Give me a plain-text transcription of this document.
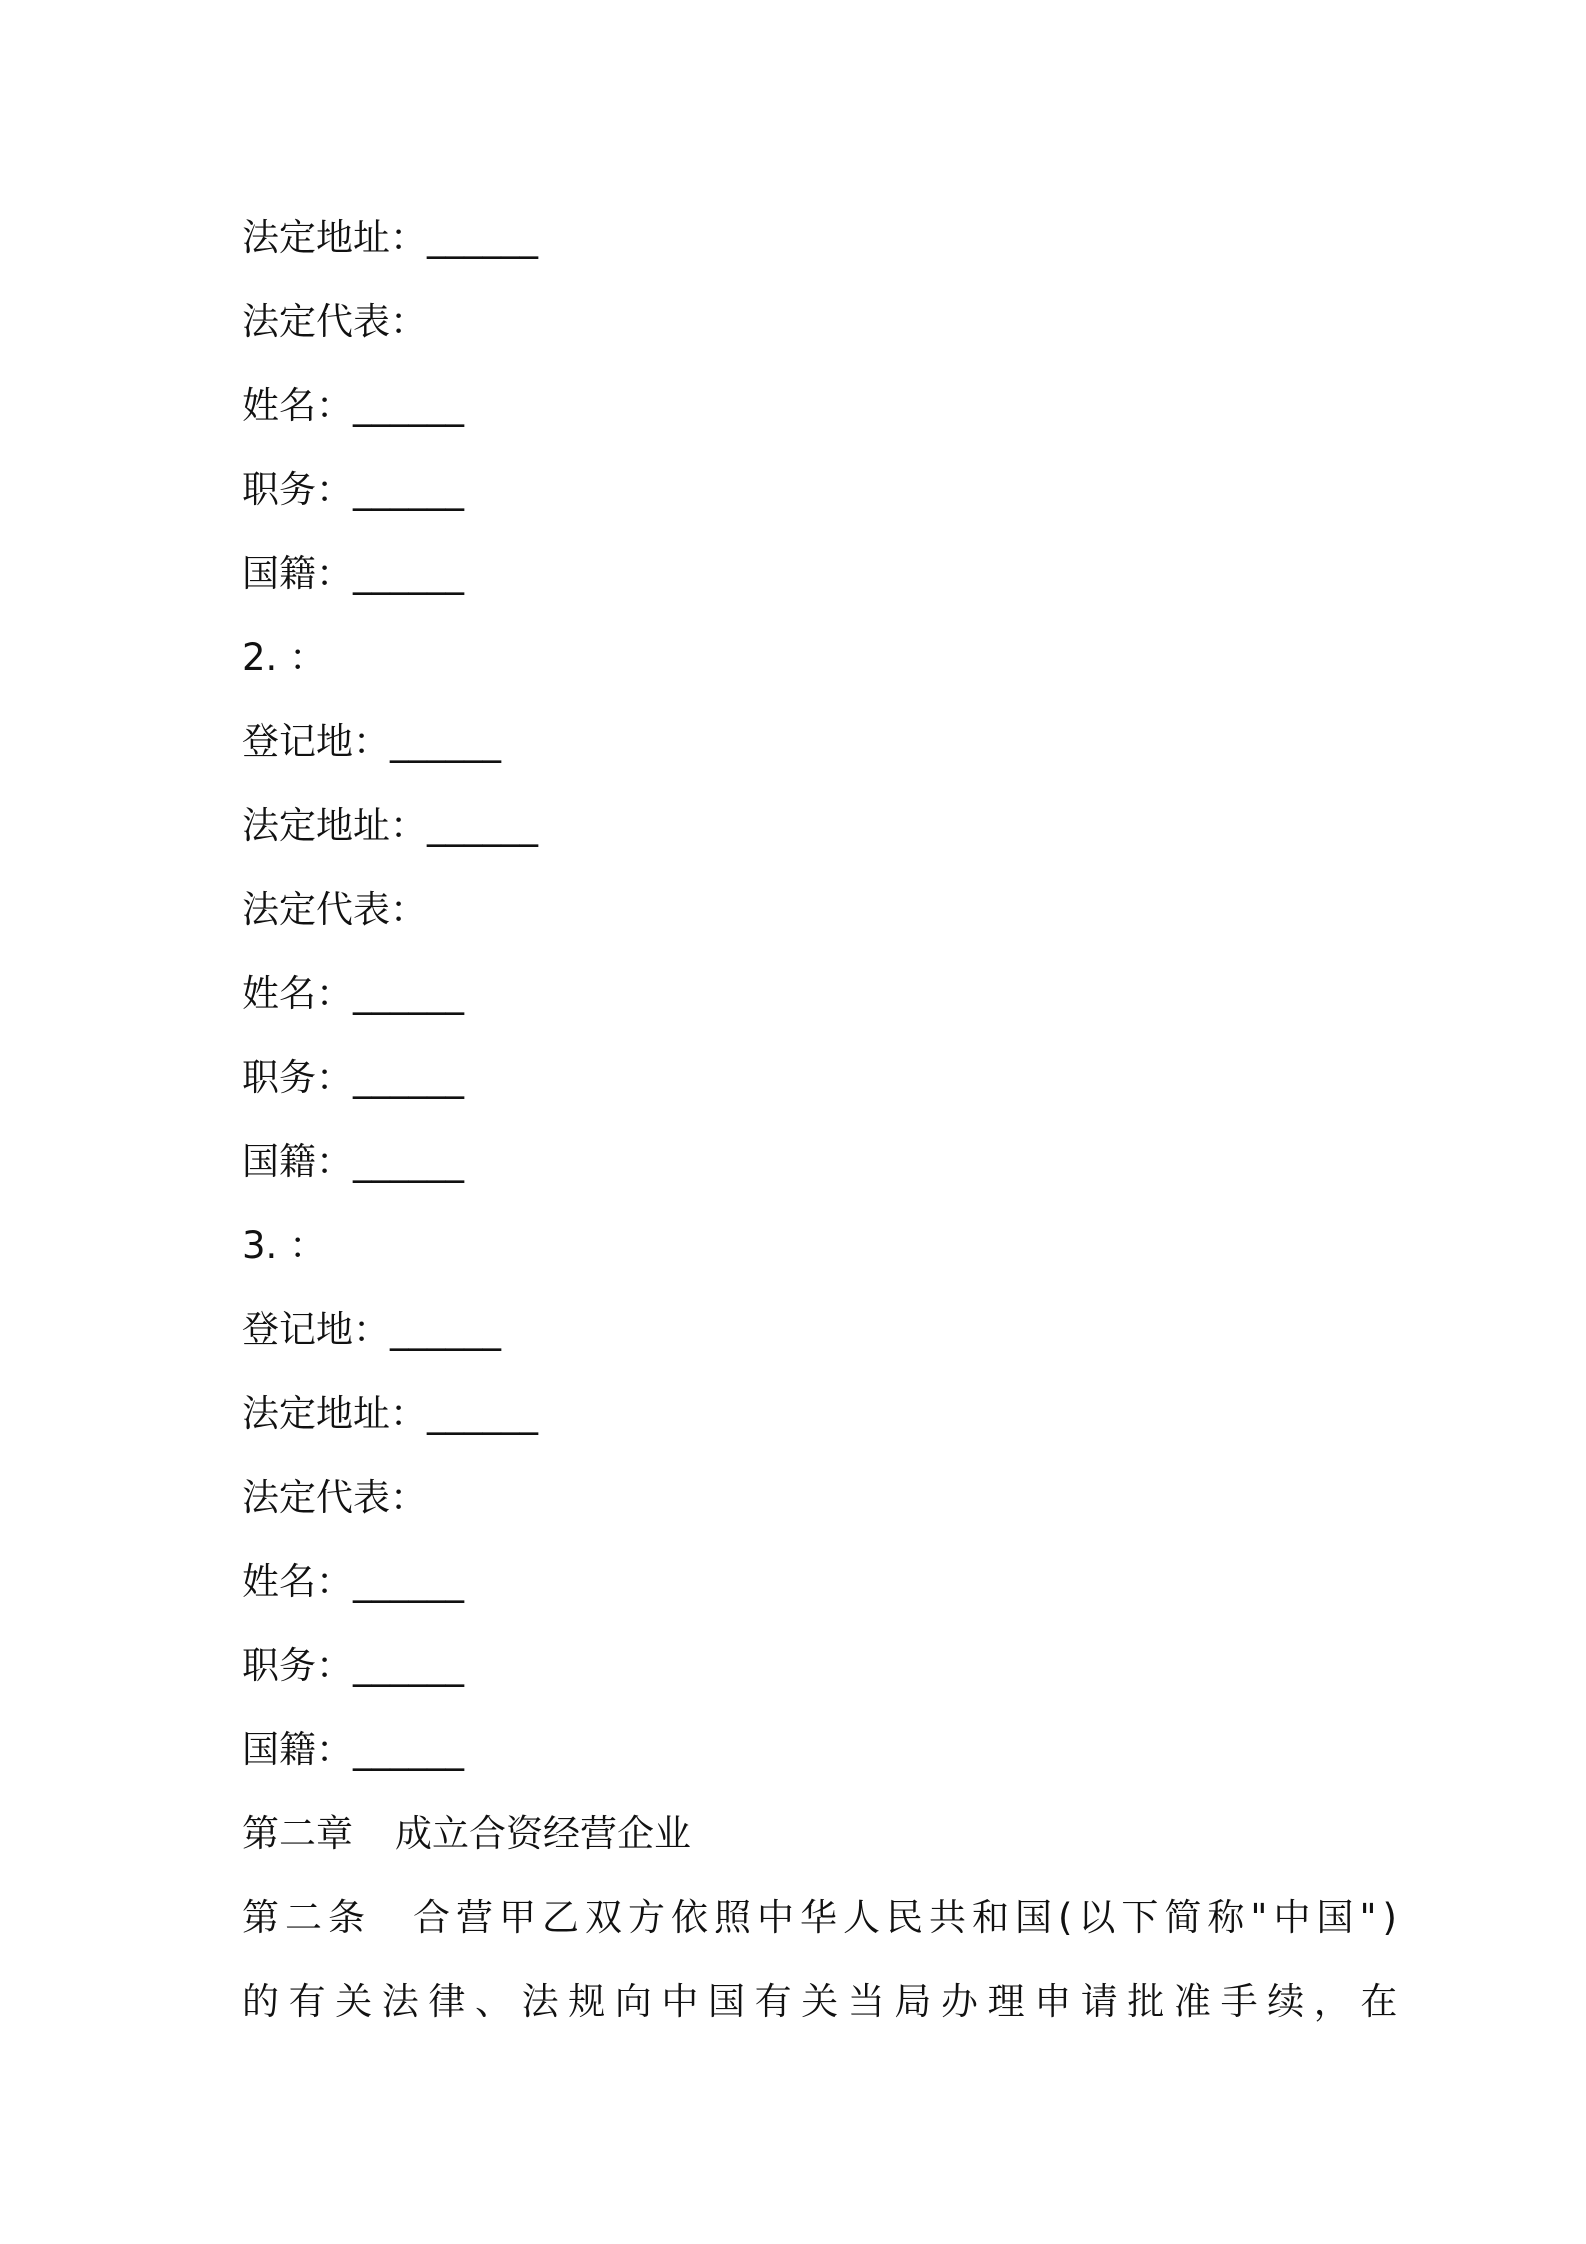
法定地址：______
法定代表：
姓名：______
职务：______
国籍：______
2. ：
登记地：______
法定地址：______
法定代表：
姓名：______
职务：______
国籍：______
3. ：
登记地：______
法定地址：______
法定代表：
姓名：______
职务：______
国籍：______
第二章 成立合资经营企业
第二条 合营甲乙双方依照中华人民共和国(以下简称"中国")
的有关法律、法规向中国有关当局办理申请批准手续，在
